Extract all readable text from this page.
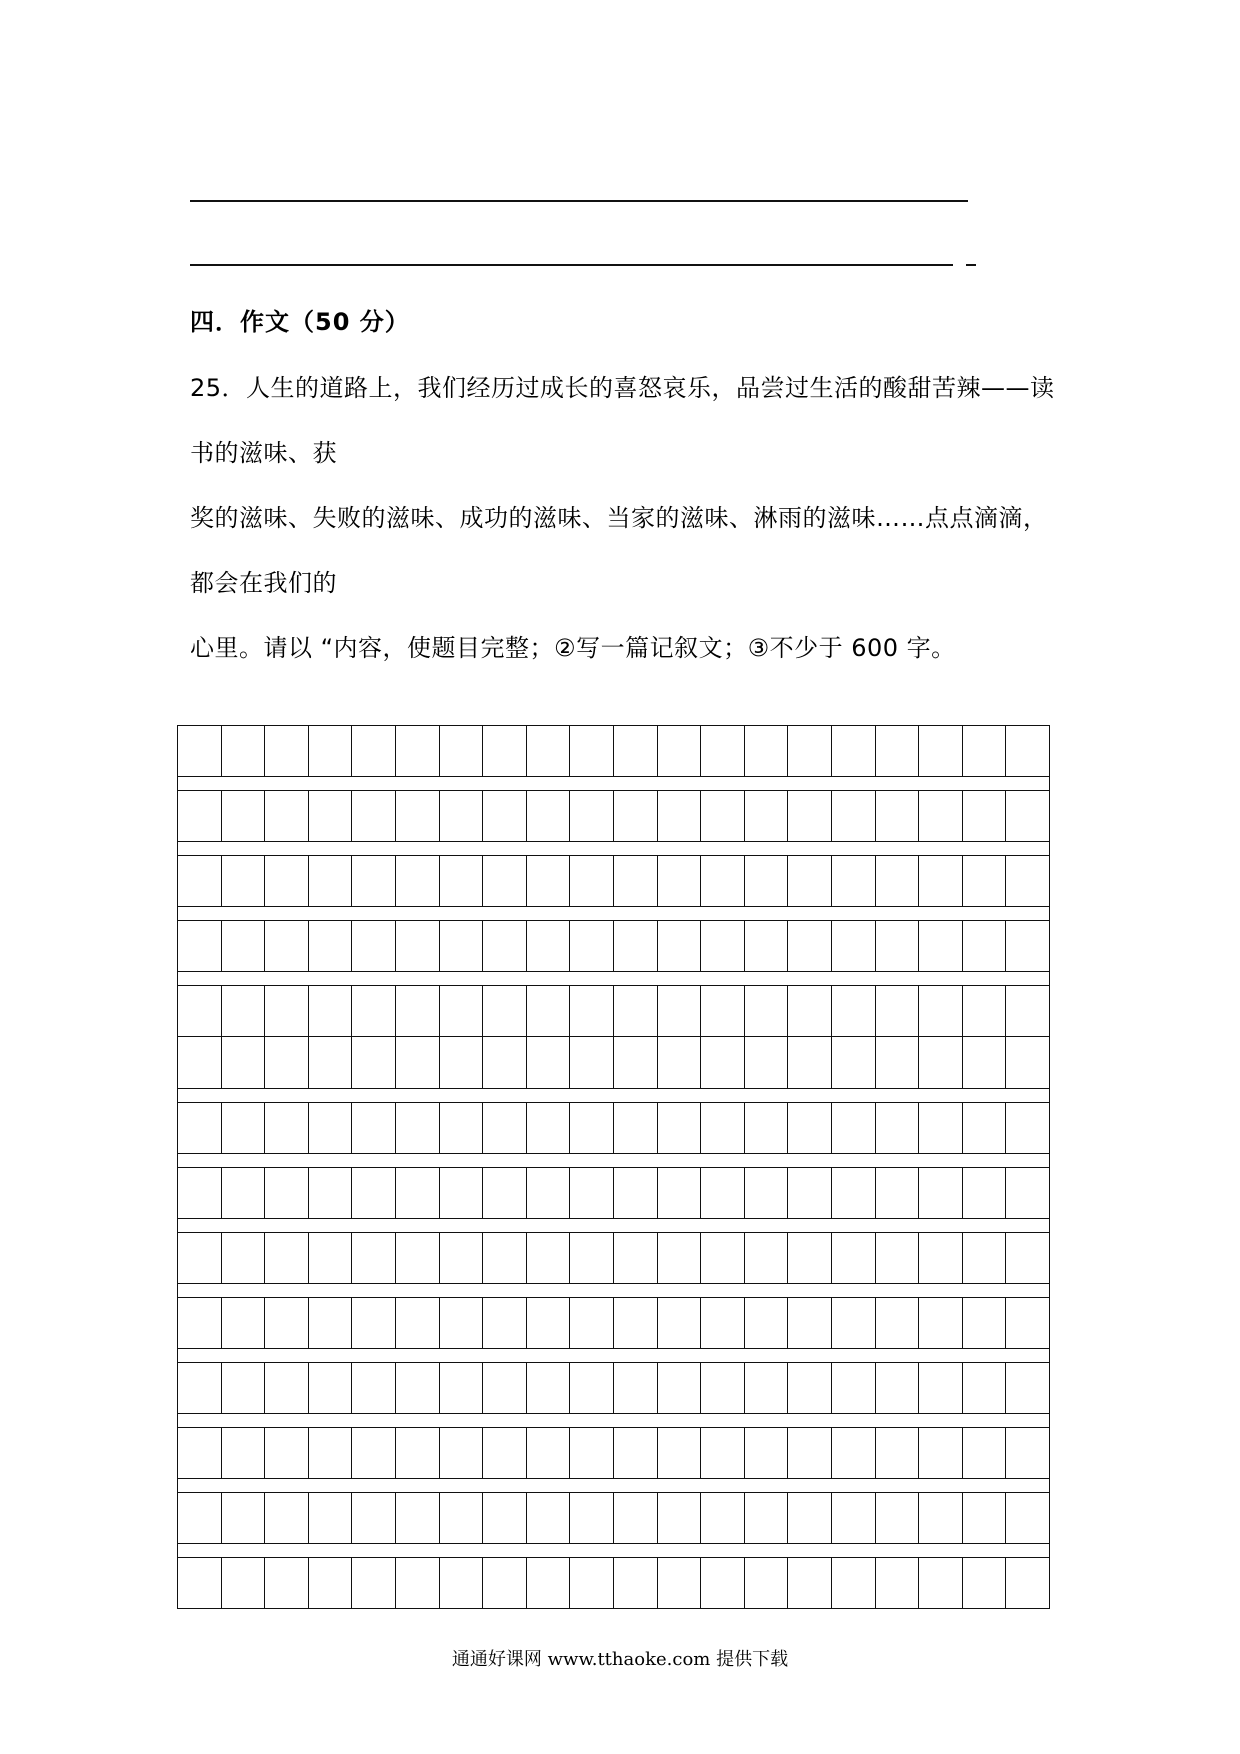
四．作文（50 分）
25．人生的道路上，我们经历过成长的喜怒哀乐，品尝过生活的酸甜苦辣——读
书的滋味、获
奖的滋味、失败的滋味、成功的滋味、当家的滋味、淋雨的滋味……点点滴滴，
都会在我们的
心里。请以 “内容，使题目完整；②写一篇记叙文；③不少于 600 字。
通通好课网 www.tthaoke.com 提供下载
